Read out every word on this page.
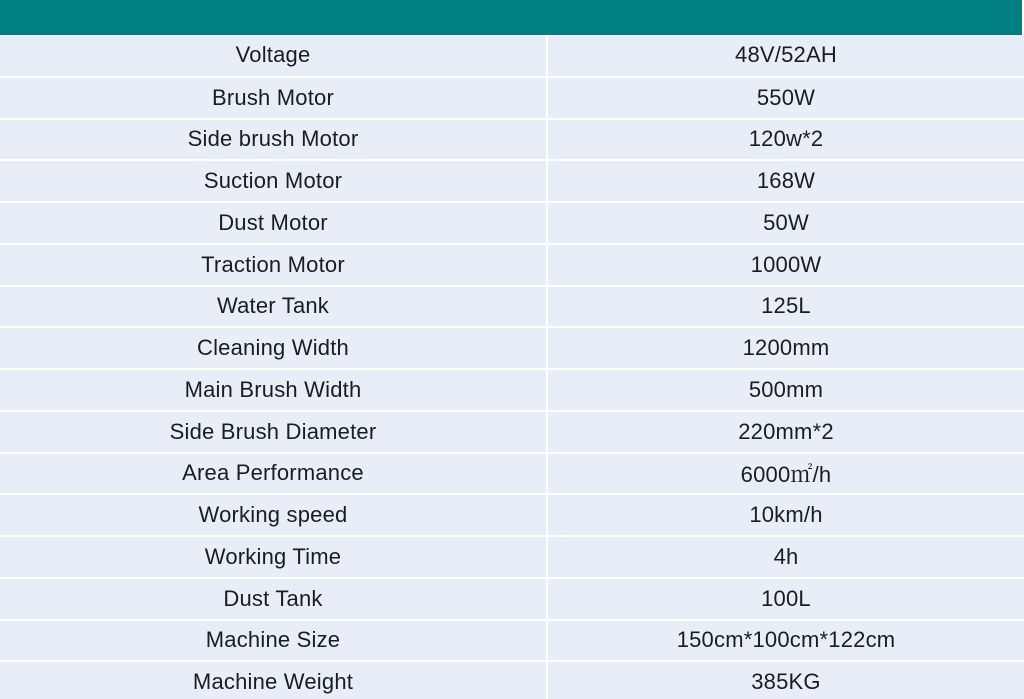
Voltage	48V/52AH
Brush Motor	550W
Side brush Motor	120w*2
Suction Motor	168W
Dust Motor	50W
Traction Motor	1000W
Water Tank	125L
Cleaning Width	1200mm
Main Brush Width	500mm
Side Brush Diameter	220mm*2
Area Performance	6000㎡/h
Working speed	10km/h
Working Time	4h
Dust Tank	100L
Machine Size	150cm*100cm*122cm
Machine Weight	385KG
